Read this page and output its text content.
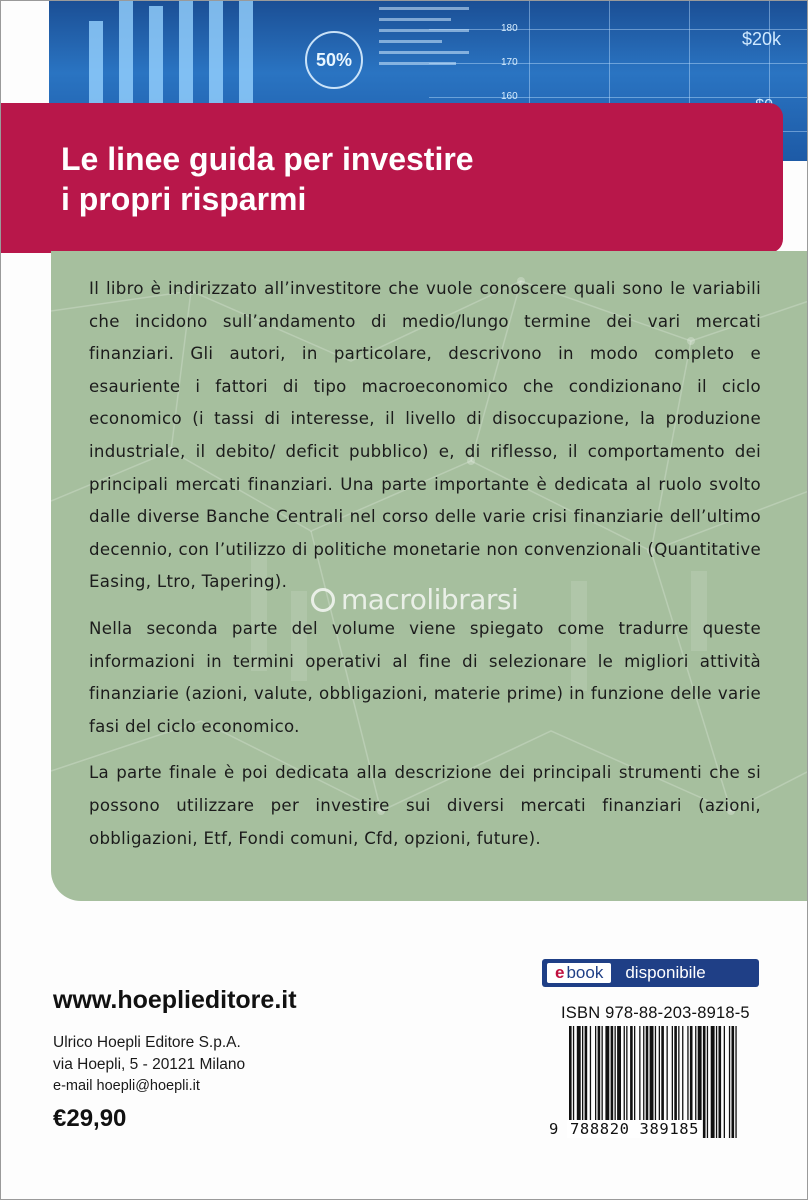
50%
180
170
160
$20k
Le linee guida per investire
i propri risparmi

Il libro è indirizzato all’investitore che vuole conoscere quali sono le variabili che incidono sull’andamento di medio/lungo termine dei vari mercati finanziari. Gli autori, in particolare, descrivono in modo completo e esauriente i fattori di tipo macroeconomico che condizionano il ciclo economico (i tassi di interesse, il livello di disoccupazione, la produzione industriale, il debito/ deficit pubblico) e, di riflesso, il comportamento dei principali mercati finanziari. Una parte importante è dedicata al ruolo svolto dalle diverse Banche Centrali nel corso delle varie crisi finanziarie dell’ultimo decennio, con l’utilizzo di politiche monetarie non convenzionali (Quantitative Easing, Ltro, Tapering).

Nella seconda parte del volume viene spiegato come tradurre queste informazioni in termini operativi al fine di selezionare le migliori attività finanziarie (azioni, valute, obbligazioni, materie prime) in funzione delle varie fasi del ciclo economico.

La parte finale è poi dedicata alla descrizione dei principali strumenti che si possono utilizzare per investire sui diversi mercati finanziari (azioni, obbligazioni, Etf, Fondi comuni, Cfd, opzioni, future).

macrolibrarsi
www.hoeplieditore.it
Ulrico Hoepli Editore S.p.A.
via Hoepli, 5 - 20121 Milano
e-mail hoepli@hoepli.it
€29,90
e book disponibile
ISBN 978-88-203-8918-5
9 788820 389185
